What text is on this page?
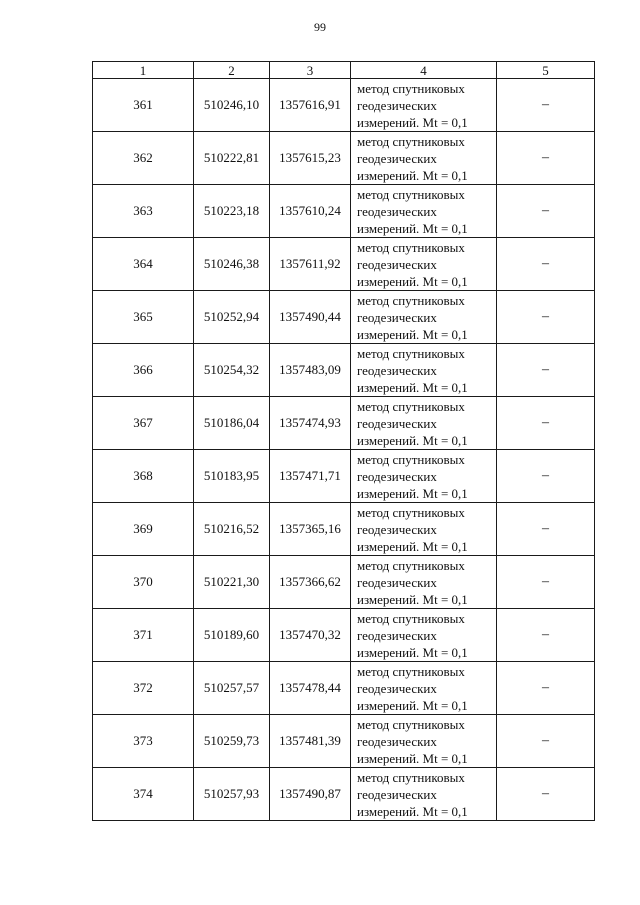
99
1	2	3	4	5
361	510246,10	1357616,91	метод спутниковых
геодезических
измерений. Mt = 0,1	–
362	510222,81	1357615,23	метод спутниковых
геодезических
измерений. Mt = 0,1	–
363	510223,18	1357610,24	метод спутниковых
геодезических
измерений. Mt = 0,1	–
364	510246,38	1357611,92	метод спутниковых
геодезических
измерений. Mt = 0,1	–
365	510252,94	1357490,44	метод спутниковых
геодезических
измерений. Mt = 0,1	–
366	510254,32	1357483,09	метод спутниковых
геодезических
измерений. Mt = 0,1	–
367	510186,04	1357474,93	метод спутниковых
геодезических
измерений. Mt = 0,1	–
368	510183,95	1357471,71	метод спутниковых
геодезических
измерений. Mt = 0,1	–
369	510216,52	1357365,16	метод спутниковых
геодезических
измерений. Mt = 0,1	–
370	510221,30	1357366,62	метод спутниковых
геодезических
измерений. Mt = 0,1	–
371	510189,60	1357470,32	метод спутниковых
геодезических
измерений. Mt = 0,1	–
372	510257,57	1357478,44	метод спутниковых
геодезических
измерений. Mt = 0,1	–
373	510259,73	1357481,39	метод спутниковых
геодезических
измерений. Mt = 0,1	–
374	510257,93	1357490,87	метод спутниковых
геодезических
измерений. Mt = 0,1	–
